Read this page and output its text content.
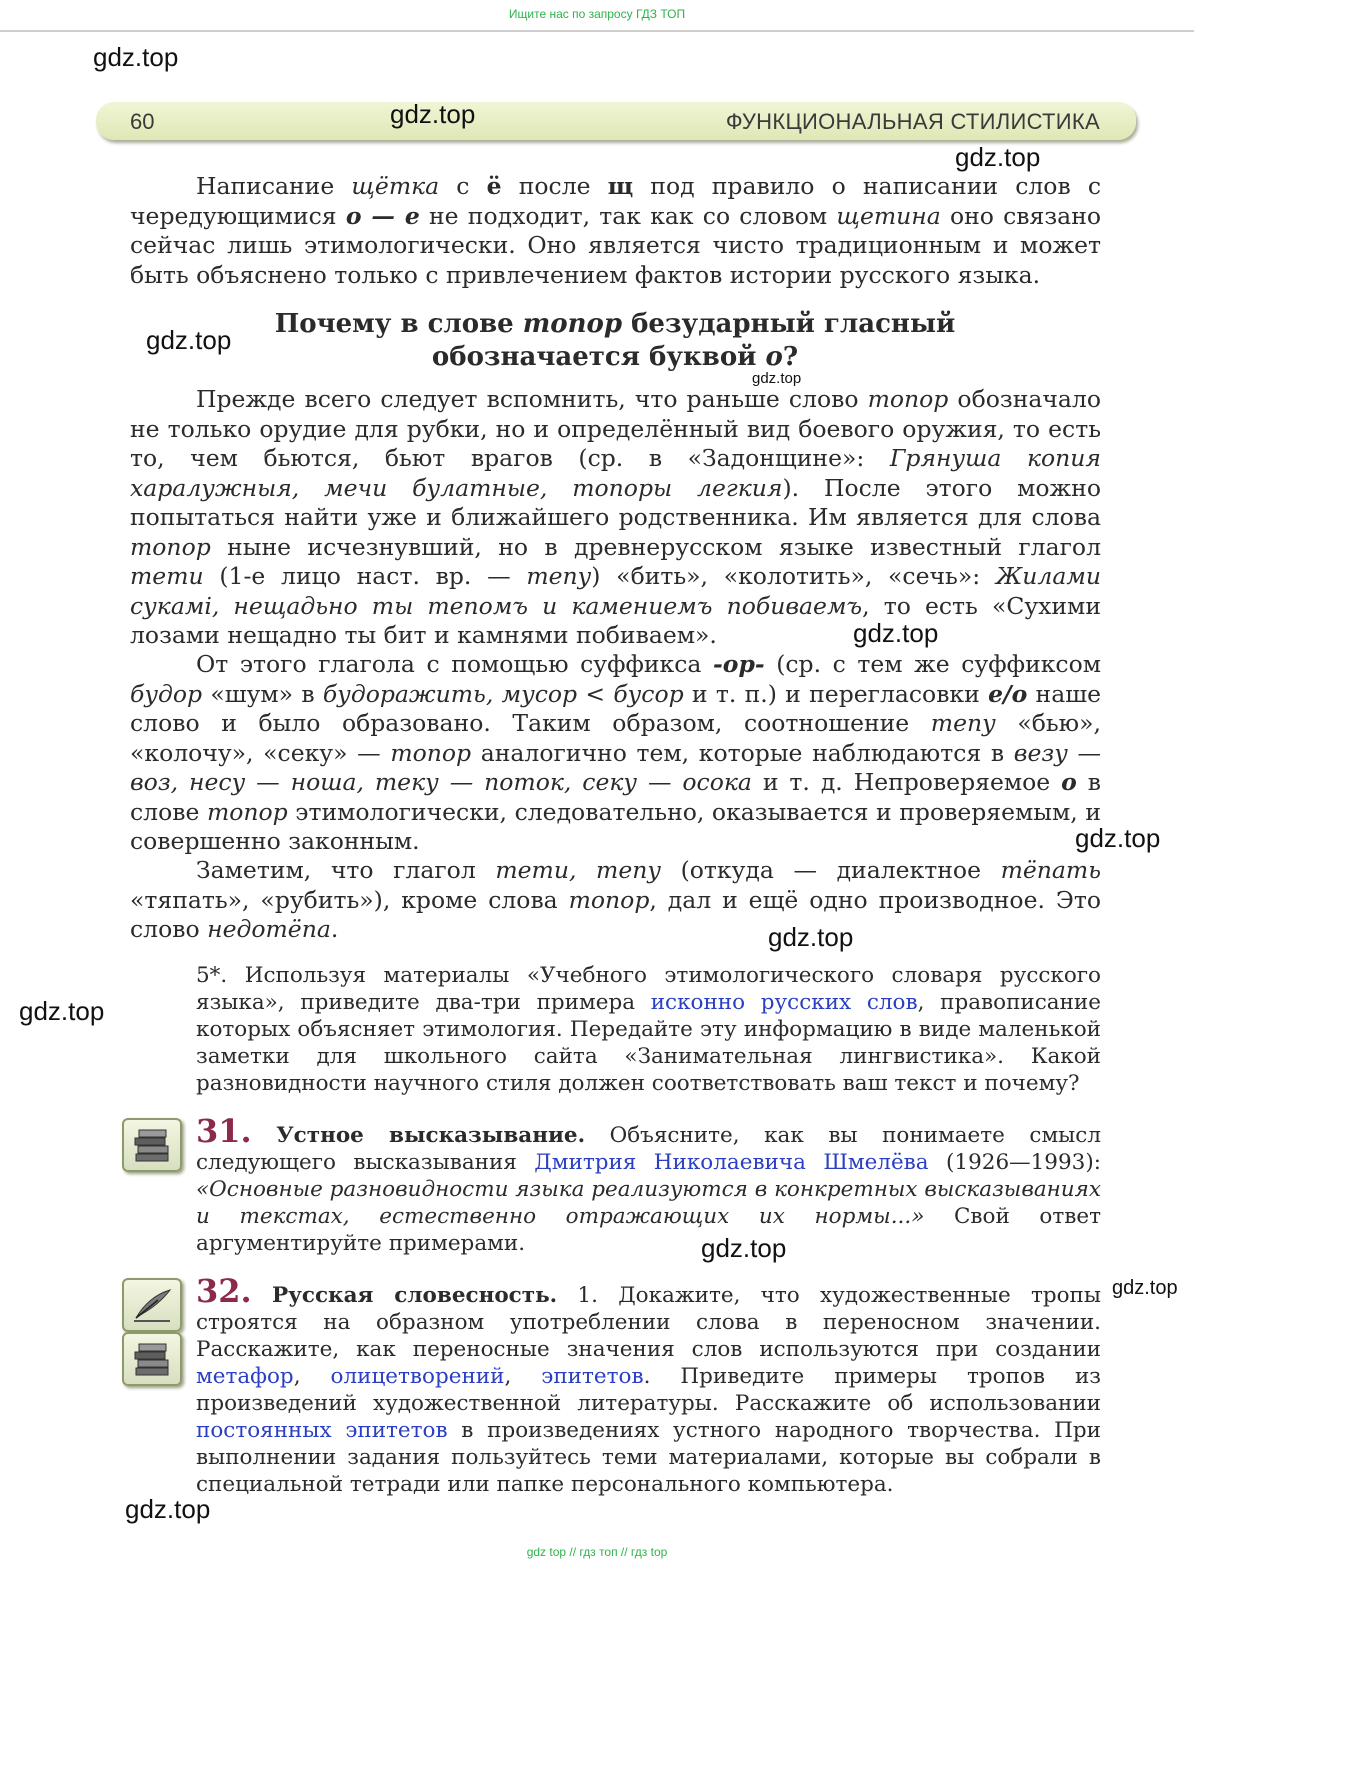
Ищите нас по запросу ГДЗ ТОП
gdz.top
60	ФУНКЦИОНАЛЬНАЯ СТИЛИСТИКА
gdz.top
gdz.top

Написание щётка с ё после щ под правило о написании слов с чередующимися о — е не подходит, так как со словом щетина оно связано сейчас лишь этимологически. Оно является чисто традиционным и может быть объяснено только с привлечением фактов истории русского языка.

Почему в слове топор безударный гласный обозначается буквой о?

gdz.top
gdz.top

Прежде всего следует вспомнить, что раньше слово топор обозначало не только орудие для рубки, но и определённый вид боевого оружия, то есть то, чем бьются, бьют врагов (ср. в «Задонщине»: Грянуша копия харалужныя, мечи булатные, топоры легкия). После этого можно попытаться найти уже и ближайшего родственника. Им является для слова топор ныне исчезнувший, но в древнерусском языке известный глагол тети (1-е лицо наст. вр. — тепу) «бить», «колотить», «сечь»: Жилами сукамі, нещадьно ты тепомъ и камениемъ побиваемъ, то есть «Сухими лозами нещадно ты бит и камнями побиваем».	gdz.top

От этого глагола с помощью суффикса -ор- (ср. с тем же суффиксом будор «шум» в будоражить, мусор < бусор и т. п.) и перегласовки е/о наше слово и было образовано. Таким образом, соотношение тепу «бью», «колочу», «секу» — топор аналогично тем, которые наблюдаются в везу — воз, несу — ноша, теку — поток, секу — осока и т. д. Непроверяемое о в слове топор этимологически, следовательно, оказывается и проверяемым, и совершенно законным.	gdz.top

Заметим, что глагол тети, тепу (откуда — диалектное тёпать «тяпать», «рубить»), кроме слова топор, дал и ещё одно производное. Это слово недотёпа.	gdz.top

5*. Используя материалы «Учебного этимологического словаря русского языка», приведите два-три примера исконно русских слов, правописание которых объясняет этимология. Передайте эту информацию в виде маленькой заметки для школьного сайта «Занимательная лингвистика». Какой разновидности научного стиля должен соответствовать ваш текст и почему?

gdz.top

31. Устное высказывание. Объясните, как вы понимаете смысл следующего высказывания Дмитрия Николаевича Шмелёва (1926—1993): «Основные разновидности языка реализуются в конкретных высказываниях и текстах, естественно отражающих их нормы...» Свой ответ аргументируйте примерами.	gdz.top

32. Русская словесность. 1. Докажите, что художественные тропы строятся на образном употреблении слова в переносном значении. Расскажите, как переносные значения слов используются при создании метафор, олицетворений, эпитетов. Приведите примеры тропов из произведений художественной литературы. Расскажите об использовании постоянных эпитетов в произведениях устного народного творчества. При выполнении задания пользуйтесь теми материалами, которые вы собрали в специальной тетради или папке персонального компьютера.

gdz.top
gdz.top
gdz top // гдз топ // гдз top
